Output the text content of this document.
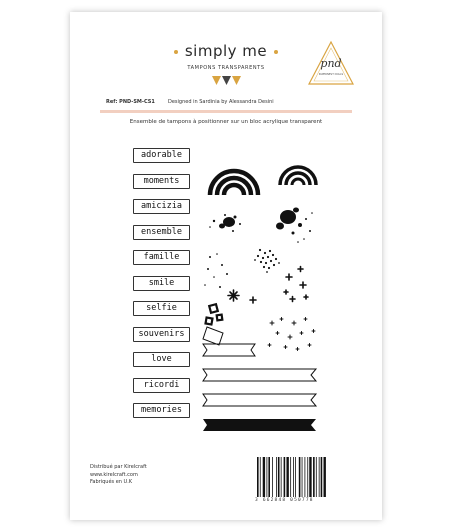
simply me
TAMPONS TRANSPARENTS	pnd
PAPERNEST DOLLS
Ref: PND-SM-CS1	Designed in Sardinia by Alessandra Desini
Ensemble de tampons à positionner sur un bloc acrylique transparent
adorable
moments
amicizia
ensemble
famille
smile
selfie
souvenirs
love
ricordi
memories
Distribué par Kirelcraft
www.kirelcraft.com
Fabriqués en U.K
3 662848 050778
